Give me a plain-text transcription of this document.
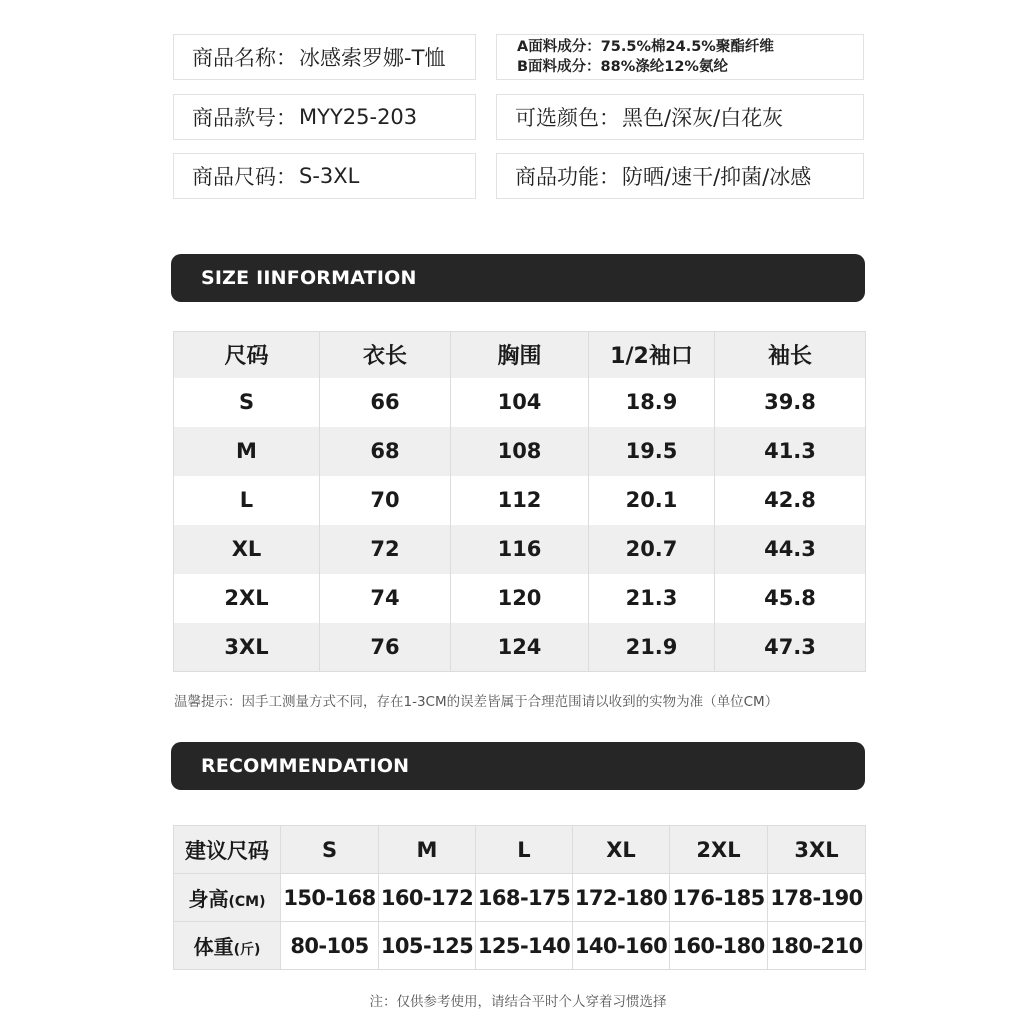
商品名称： 冰感索罗娜-T恤	A面料成分：75.5%棉24.5%聚酯纤维
B面料成分：88%涤纶12%氨纶
商品款号： MYY25-203	可选颜色： 黑色/深灰/白花灰
商品尺码： S-3XL	商品功能： 防晒/速干/抑菌/冰感
SIZE IINFORMATION
尺码	衣长	胸围	1/2袖口	袖长
S	66	104	18.9	39.8
M	68	108	19.5	41.3
L	70	112	20.1	42.8
XL	72	116	20.7	44.3
2XL	74	120	21.3	45.8
3XL	76	124	21.9	47.3
温馨提示：因手工测量方式不同，存在1-3CM的误差皆属于合理范围请以收到的实物为准（单位CM）
RECOMMENDATION
建议尺码	S	M	L	XL	2XL	3XL
身高(CM)	150-168	160-172	168-175	172-180	176-185	178-190
体重(斤)	80-105	105-125	125-140	140-160	160-180	180-210
注：仅供参考使用，请结合平时个人穿着习惯选择
